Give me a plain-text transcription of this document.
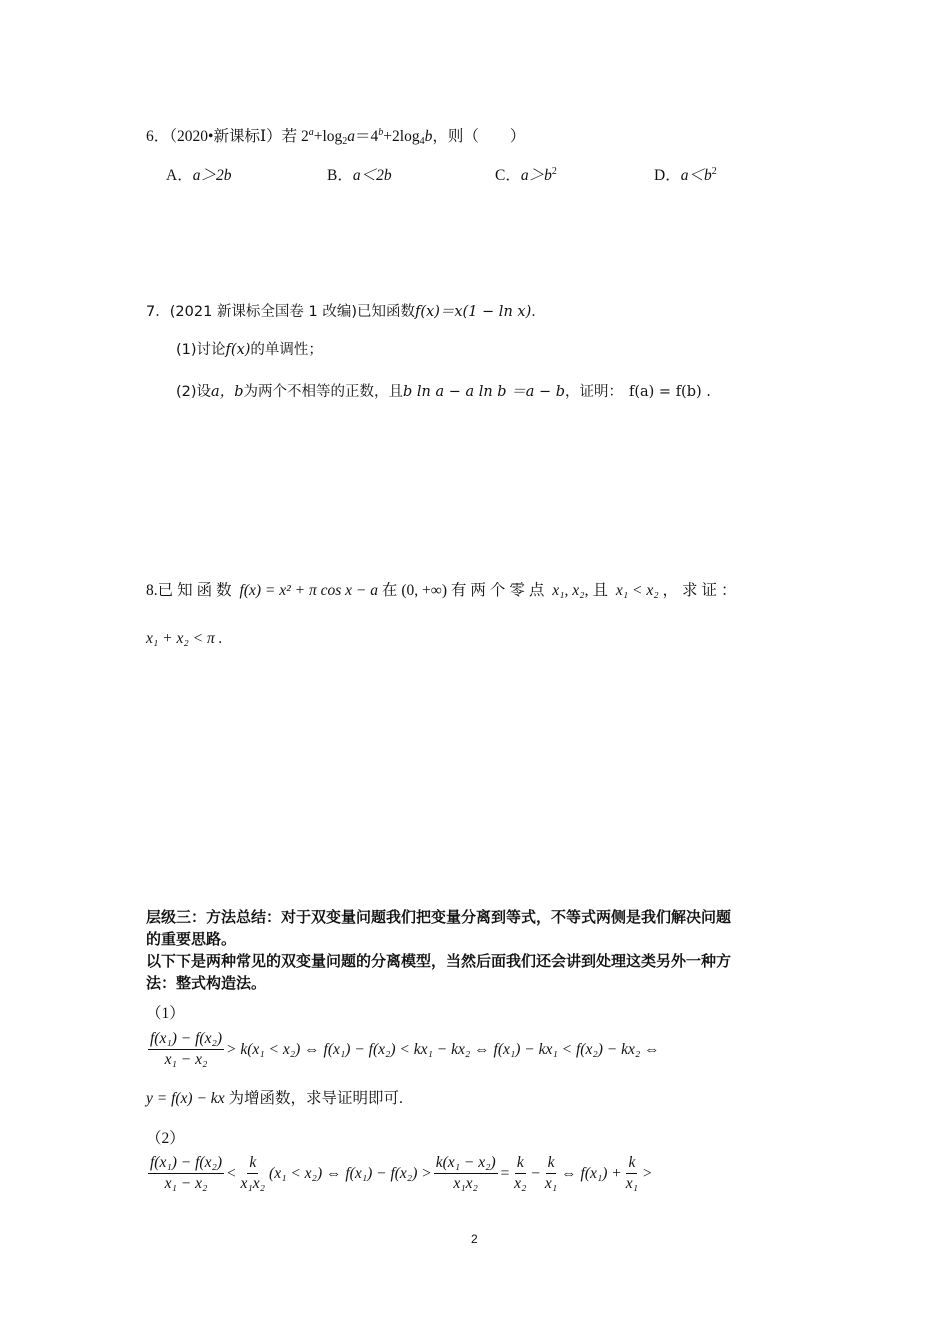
6．（2020•新课标Ⅰ）若 $2^a+\log_2a=4^b+2\log_4b$，则（　　）
A．a＞2b	B．a＜2b	C．$a>b^2$	D．$a<b^2$
7．(2021 新课标全国卷 1 改编)已知函数f(x)＝x(1 − ln x)．
(1)讨论f(x)的单调性；
(2)设a，b为两个不相等的正数，且b ln a − a ln b ＝a − b，证明： f(a) = f(b) .
8.已知函数 f(x) = x² + π cos x − a 在(0, +∞) 有两个零点 x₁, x₂,且 x₁ < x₂ ，求证：
x₁ + x₂ < π .
层级三：方法总结：对于双变量问题我们把变量分离到等式，不等式两侧是我们解决问题
的重要思路。
以下下是两种常见的双变量问题的分离模型，当然后面我们还会讲到处理这类另外一种方
法：整式构造法。
（1）
$\frac{\text{f(x₁) − f(x₂)}}{\text{x₁ − x₂}} > k(x_1 < x_2)$ ⇔ f(x₁) − f(x₂) < kx₁ − kx₂ ⇔ f(x₁) − kx₁ < f(x₂) − kx₂ ⇔
y = f(x) − kx 为增函数，求导证明即可.
（2）
$\frac{\text{f(x₁) − f(x₂)}}{\text{x₁ − x₂}} < \frac{k}{\text{x₁x₂}} (x_1 < x_2)$ ⇔ $f(x_1) - f(x_2) > \frac{\text{k(x₁ − x₂)}}{\text{x₁x₂}} = \frac{k}{\text{x₂}} - \frac{k}{\text{x₁}}$ ⇔ $f(x_1) + \frac{k}{\text{x₁}}$ >
2
